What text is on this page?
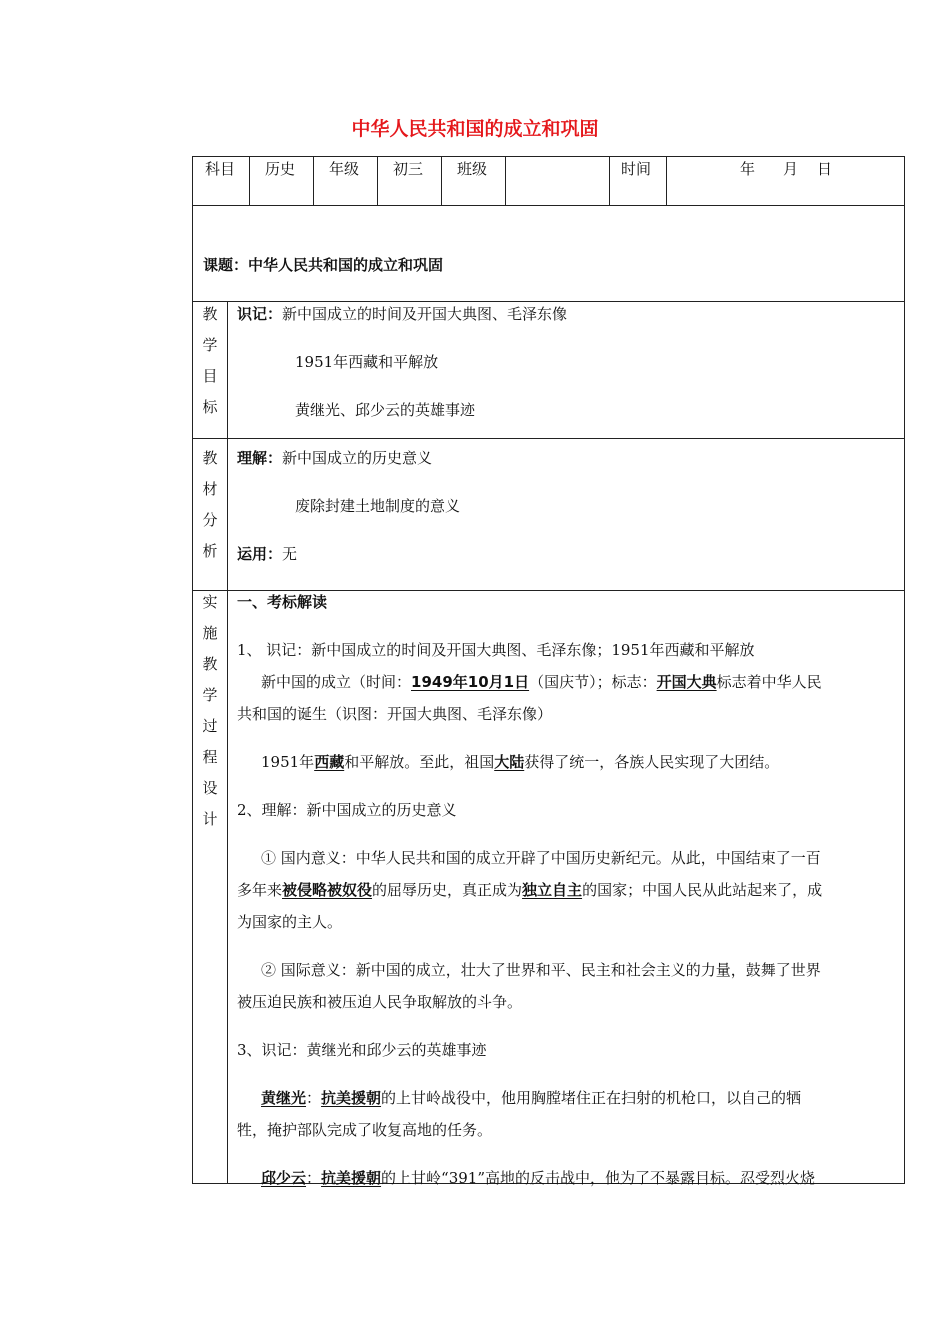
中华人民共和国的成立和巩固
科目 历史 年级 初三 班级	时间	年 月 日
课题：中华人民共和国的成立和巩固
教
学
目
标
识记：新中国成立的时间及开国大典图、毛泽东像
1951年西藏和平解放
黄继光、邱少云的英雄事迹
教
材
分
析
理解：新中国成立的历史意义
废除封建土地制度的意义
运用：无
实
施
教
学
过
程
设
计
一、考标解读
1、 识记：新中国成立的时间及开国大典图、毛泽东像；1951年西藏和平解放
新中国的成立（时间：1949年10月1日（国庆节）；标志：开国大典标志着中华人民
共和国的诞生（识图：开国大典图、毛泽东像）
1951年西藏和平解放。至此，祖国大陆获得了统一，各族人民实现了大团结。
2、理解：新中国成立的历史意义
① 国内意义：中华人民共和国的成立开辟了中国历史新纪元。从此，中国结束了一百
多年来被侵略被奴役的屈辱历史，真正成为独立自主的国家；中国人民从此站起来了，成
为国家的主人。
② 国际意义：新中国的成立，壮大了世界和平、民主和社会主义的力量，鼓舞了世界
被压迫民族和被压迫人民争取解放的斗争。
3、识记：黄继光和邱少云的英雄事迹
黄继光：抗美援朝的上甘岭战役中，他用胸膛堵住正在扫射的机枪口，以自己的牺
牲，掩护部队完成了收复高地的任务。
邱少云：抗美援朝的上甘岭“391”高地的反击战中，他为了不暴露目标。忍受烈火烧
